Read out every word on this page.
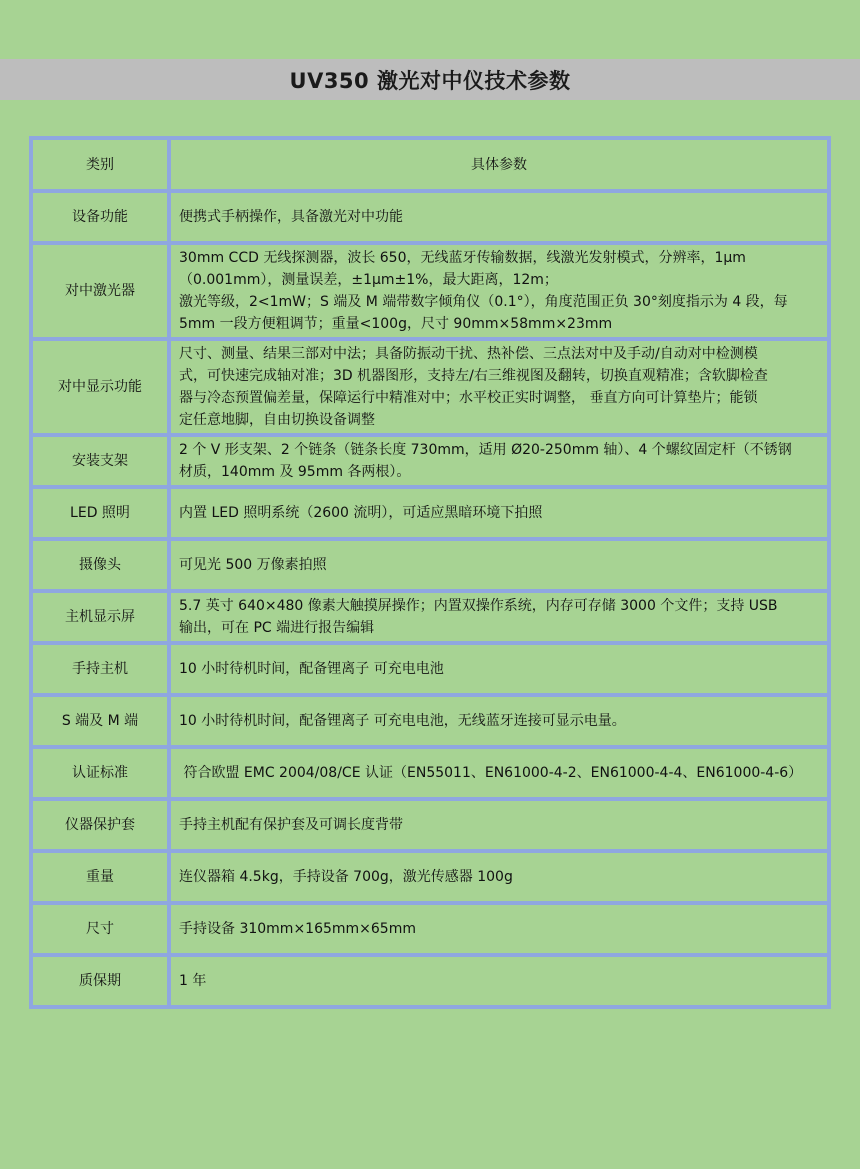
UV350 激光对中仪技术参数
类别	具体参数
设备功能	便携式手柄操作，具备激光对中功能

对中激光器	30mm CCD 无线探测器，波长 650，无线蓝牙传输数据，线激光发射模式，分辨率，1μm
（0.001mm），测量误差，±1μm±1%，最大距离，12m；
激光等级，2<1mW；S 端及 M 端带数字倾角仪（0.1°），角度范围正负 30°刻度指示为 4 段，每
5mm 一段方便粗调节；重量<100g，尺寸 90mm×58mm×23mm

对中显示功能	尺寸、测量、结果三部对中法；具备防振动干扰、热补偿、三点法对中及手动/自动对中检测模
式，可快速完成轴对准；3D 机器图形，支持左/右三维视图及翻转，切换直观精准；含软脚检查
器与冷态预置偏差量，保障运行中精准对中；水平校正实时调整， 垂直方向可计算垫片；能锁
定任意地脚，自由切换设备调整

安装支架	2 个 V 形支架、2 个链条（链条长度 730mm，适用 Ø20-250mm 轴）、4 个螺纹固定杆（不锈钢
材质，140mm 及 95mm 各两根）。

LED 照明	内置 LED 照明系统（2600 流明），可适应黑暗环境下拍照

摄像头	可见光 500 万像素拍照

主机显示屏	5.7 英寸 640×480 像素大触摸屏操作；内置双操作系统，内存可存储 3000 个文件；支持 USB
输出，可在 PC 端进行报告编辑

手持主机	10 小时待机时间，配备锂离子 可充电电池

S 端及 M 端	10 小时待机时间，配备锂离子 可充电电池，无线蓝牙连接可显示电量。

认证标准	符合欧盟 EMC 2004/08/CE 认证（EN55011、EN61000-4-2、EN61000-4-4、EN61000-4-6）

仪器保护套	手持主机配有保护套及可调长度背带

重量	连仪器箱 4.5kg，手持设备 700g，激光传感器 100g

尺寸	手持设备 310mm×165mm×65mm

质保期	1 年
